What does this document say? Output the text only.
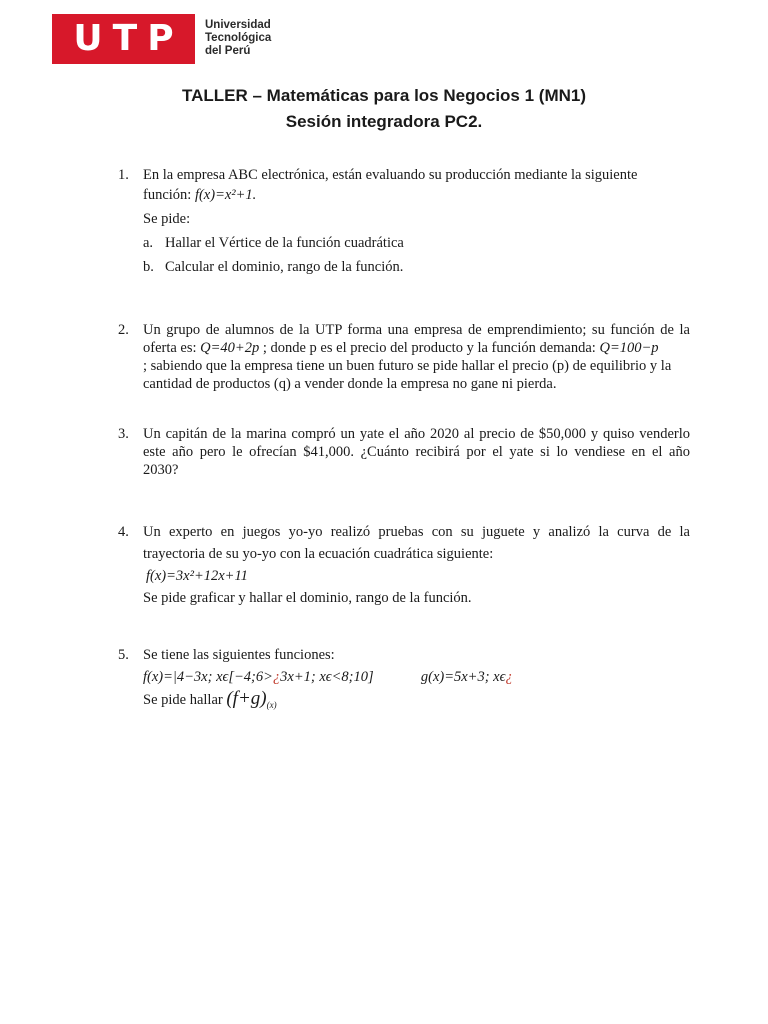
UTP Universidad
Tecnológica
del Perú
TALLER – Matemáticas para los Negocios 1 (MN1)
Sesión integradora PC2.
1. En la empresa ABC electrónica, están evaluando su producción mediante la siguiente
función: f(x)=x²+1.
Se pide:
a. Hallar el Vértice de la función cuadrática
b. Calcular el dominio, rango de la función.
2. Un grupo de alumnos de la UTP forma una empresa de emprendimiento; su función de la
oferta es: Q=40+2p ; donde p es el precio del producto y la función demanda: Q=100−p
; sabiendo que la empresa tiene un buen futuro se pide hallar el precio (p) de equilibrio y la
cantidad de productos (q) a vender donde la empresa no gane ni pierda.
3. Un capitán de la marina compró un yate el año 2020 al precio de $50,000 y quiso venderlo
este año pero le ofrecían $41,000. ¿Cuánto recibirá por el yate si lo vendiese en el año
2030?
4. Un experto en juegos yo-yo realizó pruebas con su juguete y analizó la curva de la
trayectoria de su yo-yo con la ecuación cuadrática siguiente:
f(x)=3x²+12x+11
Se pide graficar y hallar el dominio, rango de la función.
5. Se tiene las siguientes funciones:
f(x)=|4−3x; xϵ[−4;6>¿3x+1; xϵ<8;10]	g(x)=5x+3; xϵ¿
Se pide hallar $(f+g)_{(x)}$
